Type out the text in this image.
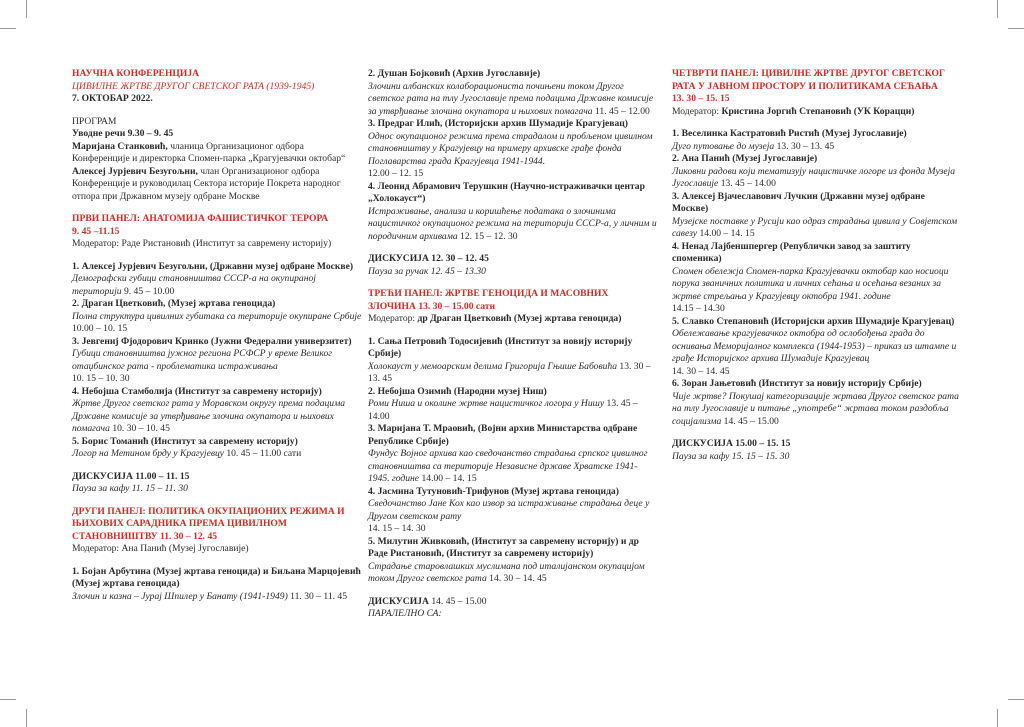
НАУЧНА КОНФЕРЕНЦИЈА
ЦИВИЛНЕ ЖРТВЕ ДРУГОГ СВЕТСКОГ РАТА (1939-1945)
7. ОКТОБАР 2022.
ПРОГРАМ
Уводне речи 9.30 – 9. 45
Маријана Станковић, чланица Организационог одбора Конференције и директорка Спомен-парка „Крагујевачки октобар“
Алексеј Јурјевич Безугољни, члан Организационог одбора Конференције и руководилац Сектора историје Покрета народног отпора при Државном музеју одбране Москве
ПРВИ ПАНЕЛ: АНАТОМИЈА ФАШИСТИЧКОГ ТЕРОРА
9. 45 –11.15
Модератор: Раде Ристановић (Институт за савремену историју)
1. Алексеј Јурјевич Безугољни, (Државни музеј одбране Москве)
Демографски губици становништва СССР-а на окупираној територији 9. 45 – 10.00
2. Драган Цветковић, (Музеј жртава геноцида)
Полна структура цивилних губитака са територије окупиране Србије 10.00 – 10. 15
3. Јевгениј Фјодорович Кринко (Јужни Федерални универзитет)
Губици становништва јужног региона РСФСР у време Великог отаџбинског рата - проблематика истраживања
10. 15 – 10. 30
4. Небојша Стамболија (Институт за савремену историју)
Жртве Другог светског рата у Моравском округу према подацима Државне комисије за утврђивање злочина окупатора и њихових помагача 10. 30 – 10. 45
5. Борис Томанић (Институт за савремену историју)
Логор на Метином брду у Крагујевцу 10. 45 – 11.00 сати
ДИСКУСИЈА 11.00 – 11. 15
Пауза за кафу 11. 15 – 11. 30
ДРУГИ ПАНЕЛ: ПОЛИТИКА ОКУПАЦИОНИХ РЕЖИМА И ЊИХОВИХ САРАДНИКА ПРЕМА ЦИВИЛНОМ СТАНОВНИШТВУ 11. 30 – 12. 45
Модератор: Ана Панић (Музеј Југославије)
1. Бојан Арбутина (Музеј жртава геноцида) и Биљана Марцојевић (Музеј жртава геноцида)
Злочин и казна – Јурај Шпилер у Банату (1941-1949) 11. 30 – 11. 45
2. Душан Бојковић (Архив Југославије)
Злочини албанских колаборациониста почињени током Другог светског рата на тлу Југославије према подацима Државне комисије за утврђивање злочина окупатора и њихових помагача 11. 45 – 12.00
3. Предраг Илић, (Историјски архив Шумадије Крагујевац)
Однос окупационог режима према страдалом и пробљеном цивилном становништву у Крагујевцу на примеру архивске грађе фонда Поглаварства града Крагујевца 1941-1944.
12.00 – 12. 15
4. Леонид Абрамович Терушкин (Научно-истраживачки центар „Холокауст“)
Истраживање, анализа и коришћење података о злочинима нацистичког окупационог режима на територији СССР-а, у личним и породичним архивама 12. 15 – 12. 30
ДИСКУСИЈА 12. 30 – 12. 45
Пауза за ручак 12. 45 – 13.30
ТРЕЋИ ПАНЕЛ: ЖРТВЕ ГЕНОЦИДА И МАСОВНИХ ЗЛОЧИНА 13. 30 – 15.00 сати
Модератор: др Драган Цветковић (Музеј жртава геноцида)
1. Сања Петровић Тодосијевић (Институт за новију историју Србије)
Холокауст у мемоарским делима Григорија Гњише Бабовића 13. 30 – 13. 45
2. Небојша Озимић (Народни музеј Ниш)
Роми Ниша и околине жртве нацистичког логора у Нишу 13. 45 – 14.00
3. Маријана Т. Мраовић, (Војни архив Министарства одбране Републике Србије)
Фундус Војног архива као сведочанство страдања српског цивилног становништва са територије Независне државе Хрватске 1941-1945. године 14.00 – 14. 15
4. Јасмина Тутуновић-Трифунов (Музеј жртава геноцида)
Сведочанство Јане Кох као извор за истраживање страдања деце у Другом светском рату
14. 15 – 14. 30
5. Милутин Живковић, (Институт за савремену историју) и др Раде Ристановић, (Институт за савремену историју)
Страдање старовлашких муслимана под италијанском окупацијом током Другог светског рата 14. 30 – 14. 45
ДИСКУСИЈА 14. 45 – 15.00
ПАРАЛЕЛНО СА:
ЧЕТВРТИ ПАНЕЛ: ЦИВИЛНЕ ЖРТВЕ ДРУГОГ СВЕТСКОГ РАТА У ЈАВНОМ ПРОСТОРУ И ПОЛИТИКАМА СЕЋАЊА
13. 30 – 15. 15
Модератор: Кристина Јоргић Степановић (УК Корацци)
1. Веселинка Кастратовић Ристић (Музеј Југославије)
Дуго путовање до музеја 13. 30 – 13. 45
2. Ана Панић (Музеј Југославије)
Ликовни радови који тематизују нацистичке логоре из фонда Музеја Југославије 13. 45 – 14.00
3. Алексеј Вјачеславович Лучкин (Државни музеј одбране Москве)
Музејске поставке у Русији као одраз страдања цивила у Совјетском савезу 14.00 – 14. 15
4. Ненад Лајбеншпергер (Републички завод за заштиту споменика)
Спомен обележја Спомен-парка Крагујевачки октобар као носиоци порука званичних политика и личних сећања и осећања везаних за жртве стрељања у Крагујевцу октобра 1941. године
14.15 – 14.30
5. Славко Степановић (Историјски архив Шумадије Крагујевац)
Обележавање крагујевачког октобра од ослобођења града до оснивања Меморијалног комплекса (1944-1953) – приказ из штампе и грађе Историјског архива Шумадије Крагујевац
14. 30 – 14. 45
6. Зоран Јањетовић (Институт за новију историју Србије)
Чије жртве? Покушај категоризације жртава Другог светског рата на тлу Југославије и питање „употребе“ жртава током раздобља социјализма 14. 45 – 15.00
ДИСКУСИЈА 15.00 – 15. 15
Пауза за кафу 15. 15 – 15. 30
